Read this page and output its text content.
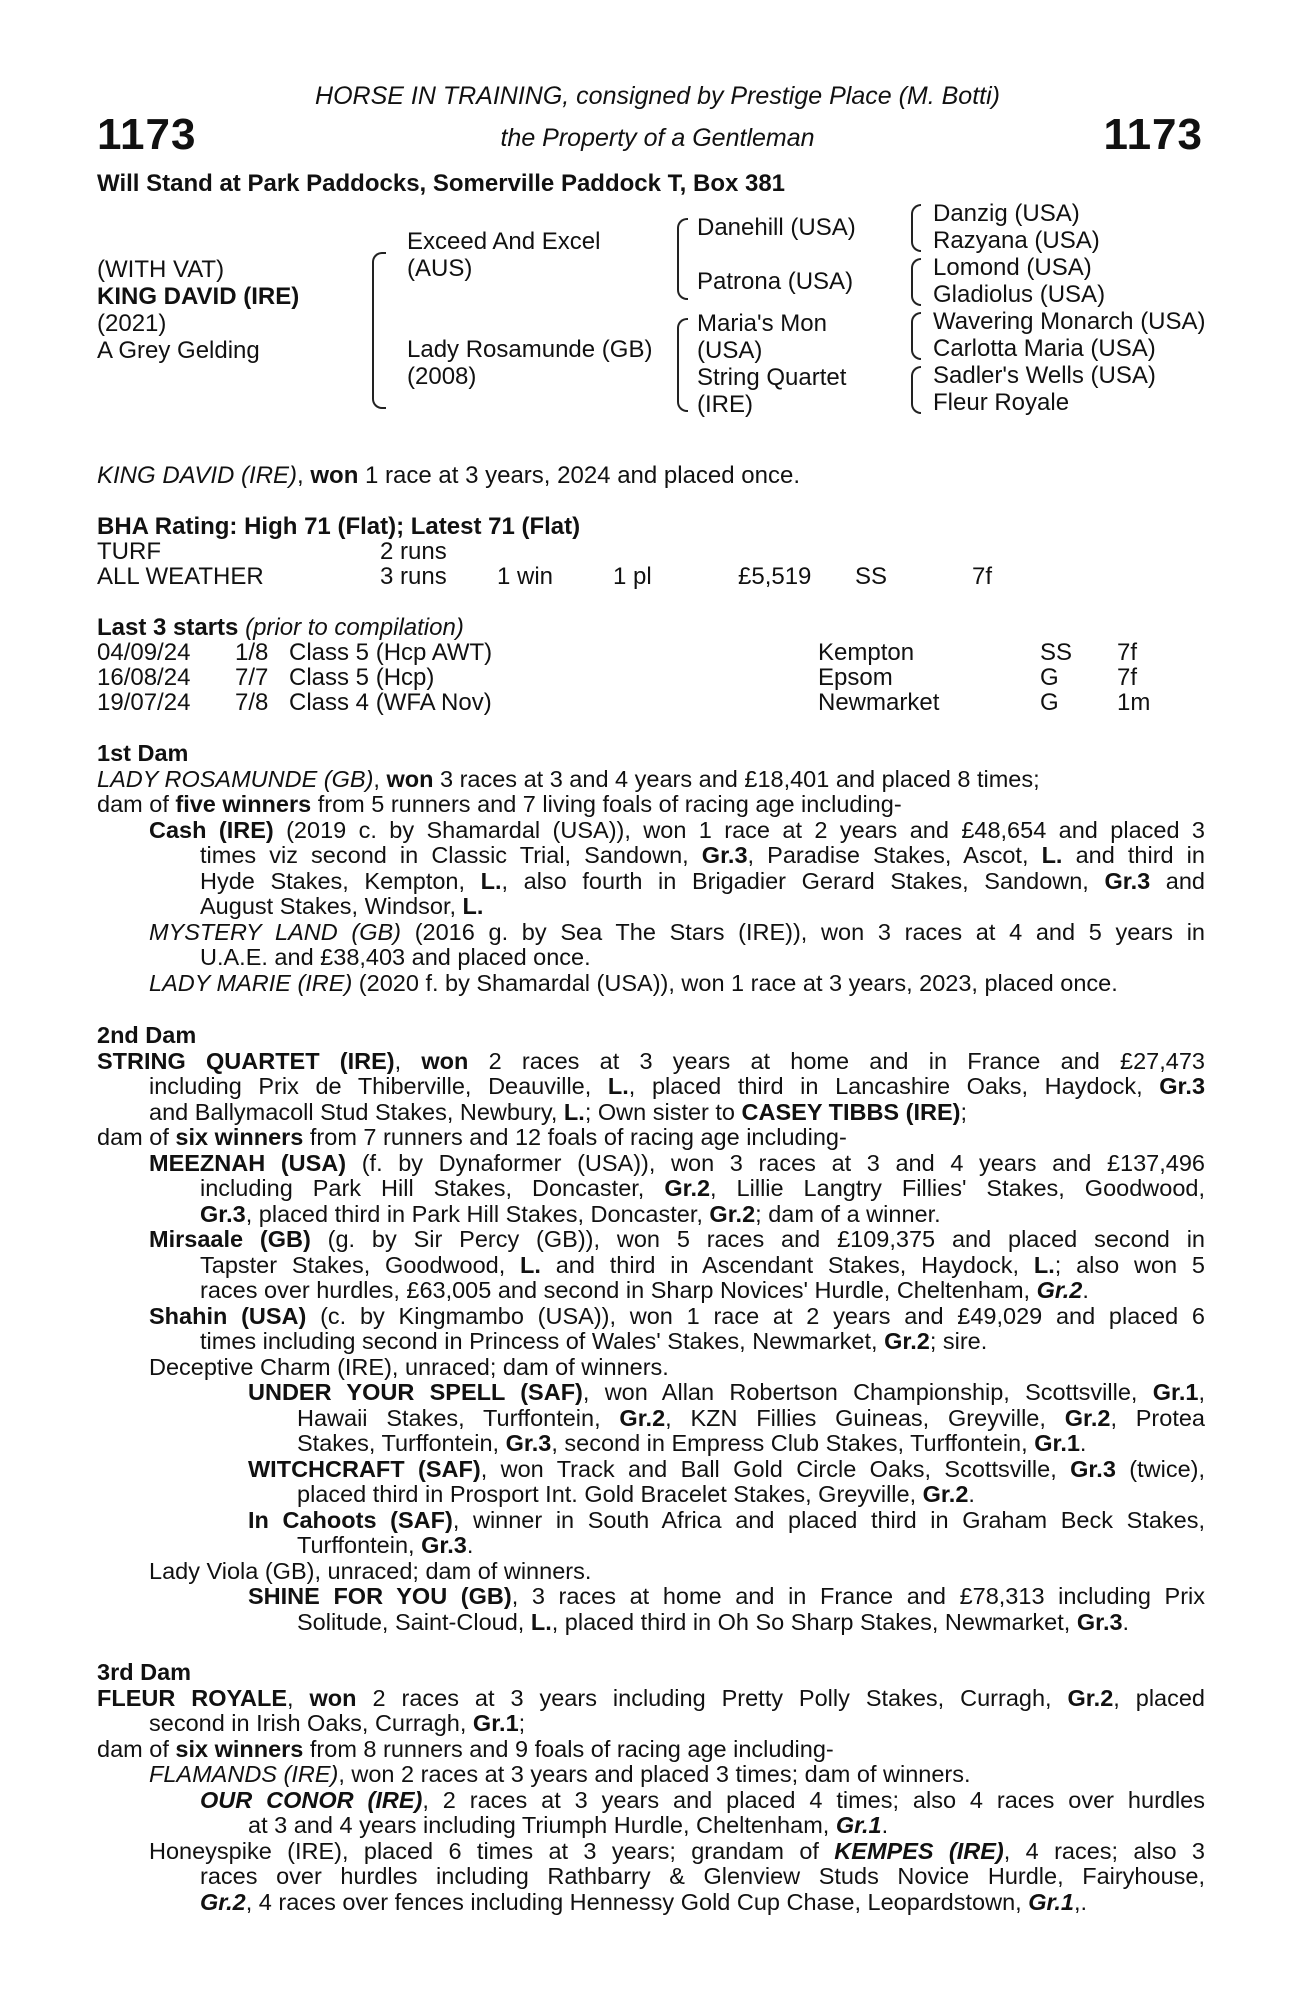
1173	1173
HORSE IN TRAINING, consigned by Prestige Place (M. Botti)
the Property of a Gentleman
Will Stand at Park Paddocks, Somerville Paddock T, Box 381
(WITH VAT)
KING DAVID (IRE)
(2021)
A Grey Gelding
Exceed And Excel
(AUS)
Lady Rosamunde (GB)
(2008)
Danehill (USA)
Patrona (USA)
Maria's Mon
(USA)
String Quartet
(IRE)
Danzig (USA)
Razyana (USA)
Lomond (USA)
Gladiolus (USA)
Wavering Monarch (USA)
Carlotta Maria (USA)
Sadler's Wells (USA)
Fleur Royale
KING DAVID (IRE), won 1 race at 3 years, 2024 and placed once.
BHA Rating: High 71 (Flat); Latest 71 (Flat)
TURF	2 runs
ALL WEATHER	3 runs 1 win 1 pl	£5,519 SS	7f
Last 3 starts (prior to compilation)
04/09/24 1/8 Class 5 (Hcp AWT)	Kempton	SS 7f
16/08/24 7/7 Class 5 (Hcp)	Epsom	G 7f
19/07/24 7/8 Class 4 (WFA Nov)	Newmarket	G 1m
1st Dam
LADY ROSAMUNDE (GB), won 3 races at 3 and 4 years and £18,401 and placed 8 times;
dam of five winners from 5 runners and 7 living foals of racing age including-
Cash (IRE) (2019 c. by Shamardal (USA)), won 1 race at 2 years and £48,654 and placed 3
times viz second in Classic Trial, Sandown, Gr.3, Paradise Stakes, Ascot, L. and third in
Hyde Stakes, Kempton, L., also fourth in Brigadier Gerard Stakes, Sandown, Gr.3 and
August Stakes, Windsor, L.
MYSTERY LAND (GB) (2016 g. by Sea The Stars (IRE)), won 3 races at 4 and 5 years in
U.A.E. and £38,403 and placed once.
LADY MARIE (IRE) (2020 f. by Shamardal (USA)), won 1 race at 3 years, 2023, placed once.
2nd Dam
STRING QUARTET (IRE), won 2 races at 3 years at home and in France and £27,473
including Prix de Thiberville, Deauville, L., placed third in Lancashire Oaks, Haydock, Gr.3
and Ballymacoll Stud Stakes, Newbury, L.; Own sister to CASEY TIBBS (IRE);
dam of six winners from 7 runners and 12 foals of racing age including-
MEEZNAH (USA) (f. by Dynaformer (USA)), won 3 races at 3 and 4 years and £137,496
including Park Hill Stakes, Doncaster, Gr.2, Lillie Langtry Fillies' Stakes, Goodwood,
Gr.3, placed third in Park Hill Stakes, Doncaster, Gr.2; dam of a winner.
Mirsaale (GB) (g. by Sir Percy (GB)), won 5 races and £109,375 and placed second in
Tapster Stakes, Goodwood, L. and third in Ascendant Stakes, Haydock, L.; also won 5
races over hurdles, £63,005 and second in Sharp Novices' Hurdle, Cheltenham, Gr.2.
Shahin (USA) (c. by Kingmambo (USA)), won 1 race at 2 years and £49,029 and placed 6
times including second in Princess of Wales' Stakes, Newmarket, Gr.2; sire.
Deceptive Charm (IRE), unraced; dam of winners.
UNDER YOUR SPELL (SAF), won Allan Robertson Championship, Scottsville, Gr.1,
Hawaii Stakes, Turffontein, Gr.2, KZN Fillies Guineas, Greyville, Gr.2, Protea
Stakes, Turffontein, Gr.3, second in Empress Club Stakes, Turffontein, Gr.1.
WITCHCRAFT (SAF), won Track and Ball Gold Circle Oaks, Scottsville, Gr.3 (twice),
placed third in Prosport Int. Gold Bracelet Stakes, Greyville, Gr.2.
In Cahoots (SAF), winner in South Africa and placed third in Graham Beck Stakes,
Turffontein, Gr.3.
Lady Viola (GB), unraced; dam of winners.
SHINE FOR YOU (GB), 3 races at home and in France and £78,313 including Prix
Solitude, Saint-Cloud, L., placed third in Oh So Sharp Stakes, Newmarket, Gr.3.
3rd Dam
FLEUR ROYALE, won 2 races at 3 years including Pretty Polly Stakes, Curragh, Gr.2, placed
second in Irish Oaks, Curragh, Gr.1;
dam of six winners from 8 runners and 9 foals of racing age including-
FLAMANDS (IRE), won 2 races at 3 years and placed 3 times; dam of winners.
OUR CONOR (IRE), 2 races at 3 years and placed 4 times; also 4 races over hurdles
at 3 and 4 years including Triumph Hurdle, Cheltenham, Gr.1.
Honeyspike (IRE), placed 6 times at 3 years; grandam of KEMPES (IRE), 4 races; also 3
races over hurdles including Rathbarry & Glenview Studs Novice Hurdle, Fairyhouse,
Gr.2, 4 races over fences including Hennessy Gold Cup Chase, Leopardstown, Gr.1,.
